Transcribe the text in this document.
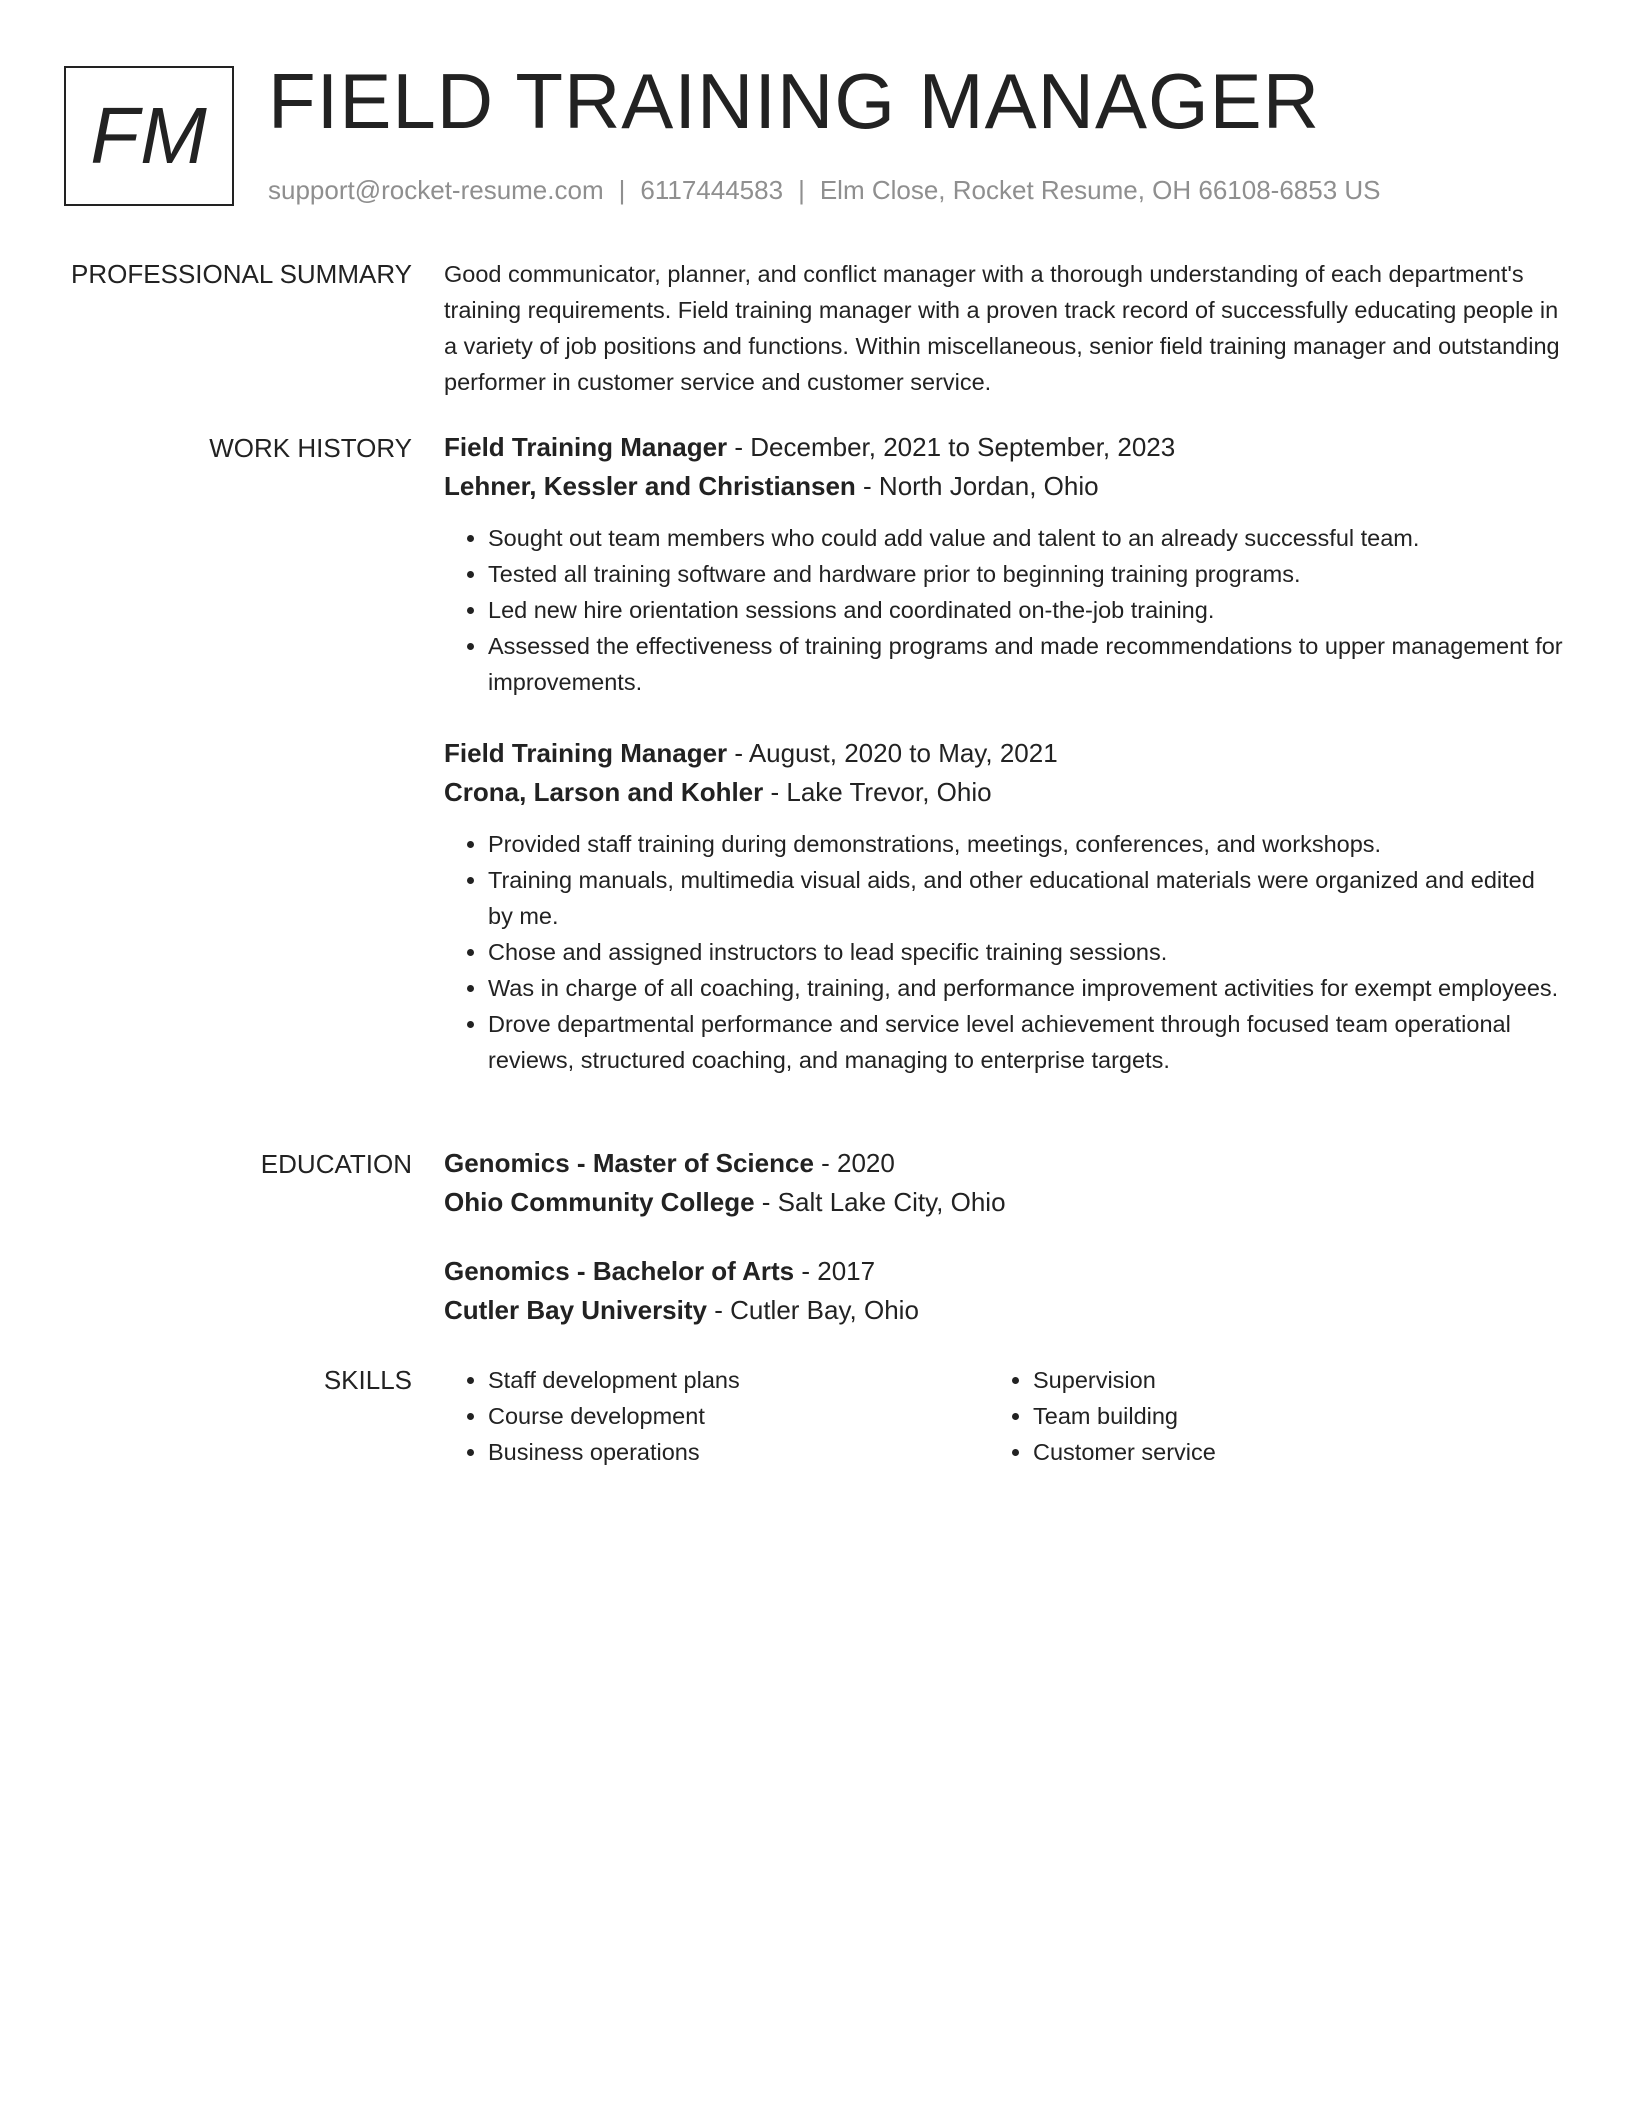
FM FIELD TRAINING MANAGER
support@rocket-resume.com | 6117444583 | Elm Close, Rocket Resume, OH 66108-6853 US
PROFESSIONAL SUMMARY Good communicator, planner, and conflict manager with a thorough understanding of each department's training requirements. Field training manager with a proven track record of successfully educating people in a variety of job positions and functions. Within miscellaneous, senior field training manager and outstanding performer in customer service and customer service.

WORK HISTORY Field Training Manager - December, 2021 to September, 2023
Lehner, Kessler and Christiansen - North Jordan, Ohio
• Sought out team members who could add value and talent to an already successful team.
• Tested all training software and hardware prior to beginning training programs.
• Led new hire orientation sessions and coordinated on-the-job training.
• Assessed the effectiveness of training programs and made recommendations to upper management for improvements.
Field Training Manager - August, 2020 to May, 2021
Crona, Larson and Kohler - Lake Trevor, Ohio
• Provided staff training during demonstrations, meetings, conferences, and workshops.
• Training manuals, multimedia visual aids, and other educational materials were organized and edited by me.
• Chose and assigned instructors to lead specific training sessions.
• Was in charge of all coaching, training, and performance improvement activities for exempt employees.
• Drove departmental performance and service level achievement through focused team operational reviews, structured coaching, and managing to enterprise targets.
EDUCATION Genomics - Master of Science - 2020
Ohio Community College - Salt Lake City, Ohio
Genomics - Bachelor of Arts - 2017
Cutler Bay University - Cutler Bay, Ohio
SKILLS
•	Staff development plans
• Course development
• Business operations
• Supervision
• Team building
• Customer service
